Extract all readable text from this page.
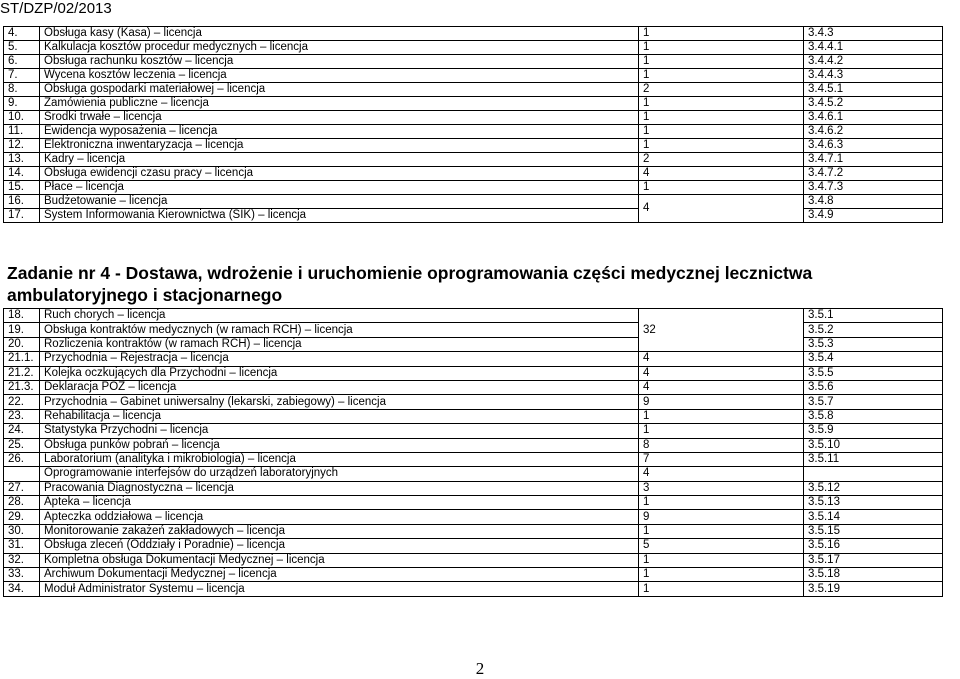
ST/DZP/02/2013
4.	Obsługa kasy (Kasa) – licencja	1	3.4.3
5.	Kalkulacja kosztów procedur medycznych – licencja	1	3.4.4.1
6.	Obsługa rachunku kosztów – licencja	1	3.4.4.2
7.	Wycena kosztów leczenia – licencja	1	3.4.4.3
8.	Obsługa gospodarki materiałowej – licencja	2	3.4.5.1
9.	Zamówienia publiczne – licencja	1	3.4.5.2
10.	Środki trwałe – licencja	1	3.4.6.1
11.	Ewidencja wyposażenia – licencja	1	3.4.6.2
12.	Elektroniczna inwentaryzacja – licencja	1	3.4.6.3
13.	Kadry – licencja	2	3.4.7.1
14.	Obsługa ewidencji czasu pracy – licencja	4	3.4.7.2
15.	Płace – licencja	1	3.4.7.3
16.	Budżetowanie – licencja	4	3.4.8
17.	System Informowania Kierownictwa (SIK) – licencja		3.4.9
Zadanie nr 4 - Dostawa, wdrożenie i uruchomienie oprogramowania części medycznej lecznictwa ambulatoryjnego i stacjonarnego
18.	Ruch chorych – licencja	32	3.5.1
19.	Obsługa kontraktów medycznych (w ramach RCH) – licencja		3.5.2
20.	Rozliczenia kontraktów (w ramach RCH) – licencja		3.5.3
21.1.	Przychodnia – Rejestracja – licencja	4	3.5.4
21.2.	Kolejka oczkujących dla Przychodni – licencja	4	3.5.5
21.3.	Deklaracja POZ – licencja	4	3.5.6
22.	Przychodnia – Gabinet uniwersalny (lekarski, zabiegowy) – licencja	9	3.5.7
23.	Rehabilitacja – licencja	1	3.5.8
24.	Statystyka Przychodni – licencja	1	3.5.9
25.	Obsługa punków pobrań – licencja	8	3.5.10
26.	Laboratorium (analityka i mikrobiologia) – licencja	7	3.5.11
	Oprogramowanie interfejsów do urządzeń laboratoryjnych	4	
27.	Pracowania Diagnostyczna – licencja	3	3.5.12
28.	Apteka – licencja	1	3.5.13
29.	Apteczka oddziałowa – licencja	9	3.5.14
30.	Monitorowanie zakażeń zakładowych – licencja	1	3.5.15
31.	Obsługa zleceń (Oddziały i Poradnie) – licencja	5	3.5.16
32.	Kompletna obsługa Dokumentacji Medycznej – licencja	1	3.5.17
33.	Archiwum Dokumentacji Medycznej – licencja	1	3.5.18
34.	Moduł Administrator Systemu – licencja	1	3.5.19
2
